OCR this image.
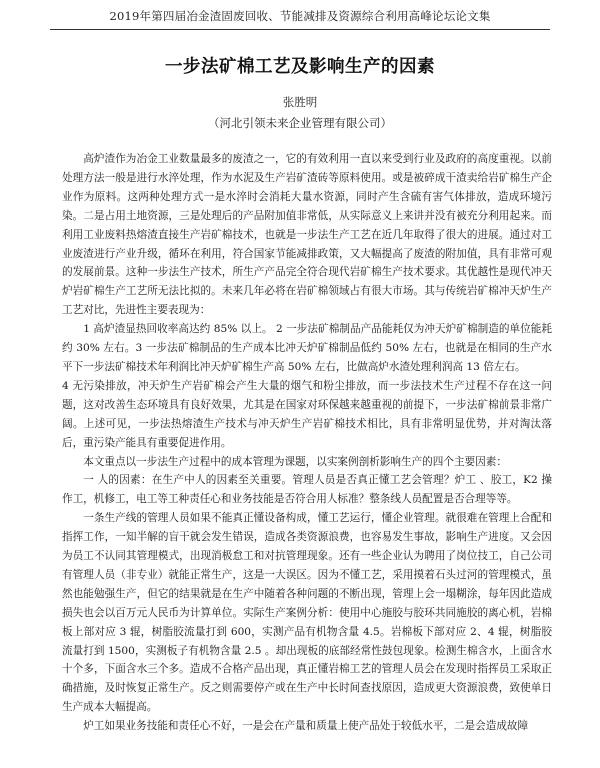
2019年第四届冶金渣固废回收、节能减排及资源综合利用高峰论坛论文集
一步法矿棉工艺及影响生产的因素
张胜明
（河北引领未来企业管理有限公司）

高炉渣作为冶金工业数量最多的废渣之一，它的有效利用一直以来受到行业及政府的高度重视。以前处理方法一般是进行水淬处理，作为水泥及生产岩矿渣砖等原料使用。或是被碎成干渣卖给岩矿棉生产企业作为原料。这两种处理方式一是水淬时会消耗大量水资源，同时产生含硫有害气体排放，造成环境污染。二是占用土地资源，三是处理后的产品附加值非常低，从实际意义上来讲并没有被充分利用起来。而利用工业废料热熔渣直接生产岩矿棉技术，也就是一步法生产工艺在近几年取得了很大的进展。通过对工业废渣进行产业升级，循环在利用，符合国家节能减排政策，又大幅提高了废渣的附加值，具有非常可观的发展前景。这种一步法生产技术，所生产产品完全符合现代岩矿棉生产技术要求。其优越性是现代冲天炉岩矿棉生产工艺所无法比拟的。未来几年必将在岩矿棉领域占有很大市场。其与传统岩矿棉冲天炉生产工艺对比，先进性主要表现为：

1 高炉渣显热回收率高达约 85% 以上。 2 一步法矿棉制品产品能耗仅为冲天炉矿棉制造的单位能耗约 30% 左右。3 一步法矿棉制品的生产成本比冲天炉矿棉制品低约 50% 左右，也就是在相同的生产水平下一步法矿棉技术年利润比冲天炉矿棉生产高 50% 左右，比做高炉水渣处理利润高 13 倍左右。

4 无污染排放，冲天炉生产岩矿棉会产生大量的烟气和粉尘排放，而一步法技术生产过程不存在这一问题，这对改善生态环境具有良好效果，尤其是在国家对环保越来越重视的前提下，一步法矿棉前景非常广阔。上述可见，一步法热熔渣生产技术与冲天炉生产岩矿棉技术相比，具有非常明显优势，并对淘汰落后，重污染产能具有重要促进作用。

本文重点以一步法生产过程中的成本管理为课题，以实案例剖析影响生产的四个主要因素：

一 人的因素：在生产中人的因素至关重要。管理人员是否真正懂工艺会管理？炉工 、胶工，K2 操作工，机修工，电工等工种责任心和业务技能是否符合用人标准？整条线人员配置是否合理等等。

一条生产线的管理人员如果不能真正懂设备构成，懂工艺运行，懂企业管理。就很难在管理上合配和指挥工作，一知半解的盲干就会发生错误，造成各类资源浪费，也容易发生事故，影响生产进度。又会因为员工不认同其管理模式，出现消极怠工和对抗管理现象。还有一些企业认为聘用了岗位技工，自己公司有管理人员（非专业）就能正常生产，这是一大误区。因为不懂工艺，采用摸着石头过河的管理模式，虽然也能勉强生产，但它的结果就是在生产中随着各种问题的不断出现，管理上会一塌糊涂，每年因此造成损失也会以百万元人民币为计算单位。实际生产案例分析：使用中心施胶与胶环共同施胶的离心机，岩棉板上部对应 3 辊，树脂胶流量打到 600，实测产品有机物含量 4.5。岩棉板下部对应 2、4 辊，树脂胶流量打到 1500，实测板子有机物含量 2.5 。却出现板的底部经常性鼓包现象。检测生棉含水，上面含水十个多，下面含水三个多。造成不合格产品出现，真正懂岩棉工艺的管理人员会在发现时指挥员工采取正确措施，及时恢复正常生产。反之则需要停产或在生产中长时间查找原因，造成更大资源浪费，致使单日生产成本大幅提高。

炉工如果业务技能和责任心不好，一是会在产量和质量上使产品处于较低水平，二是会造成故障
